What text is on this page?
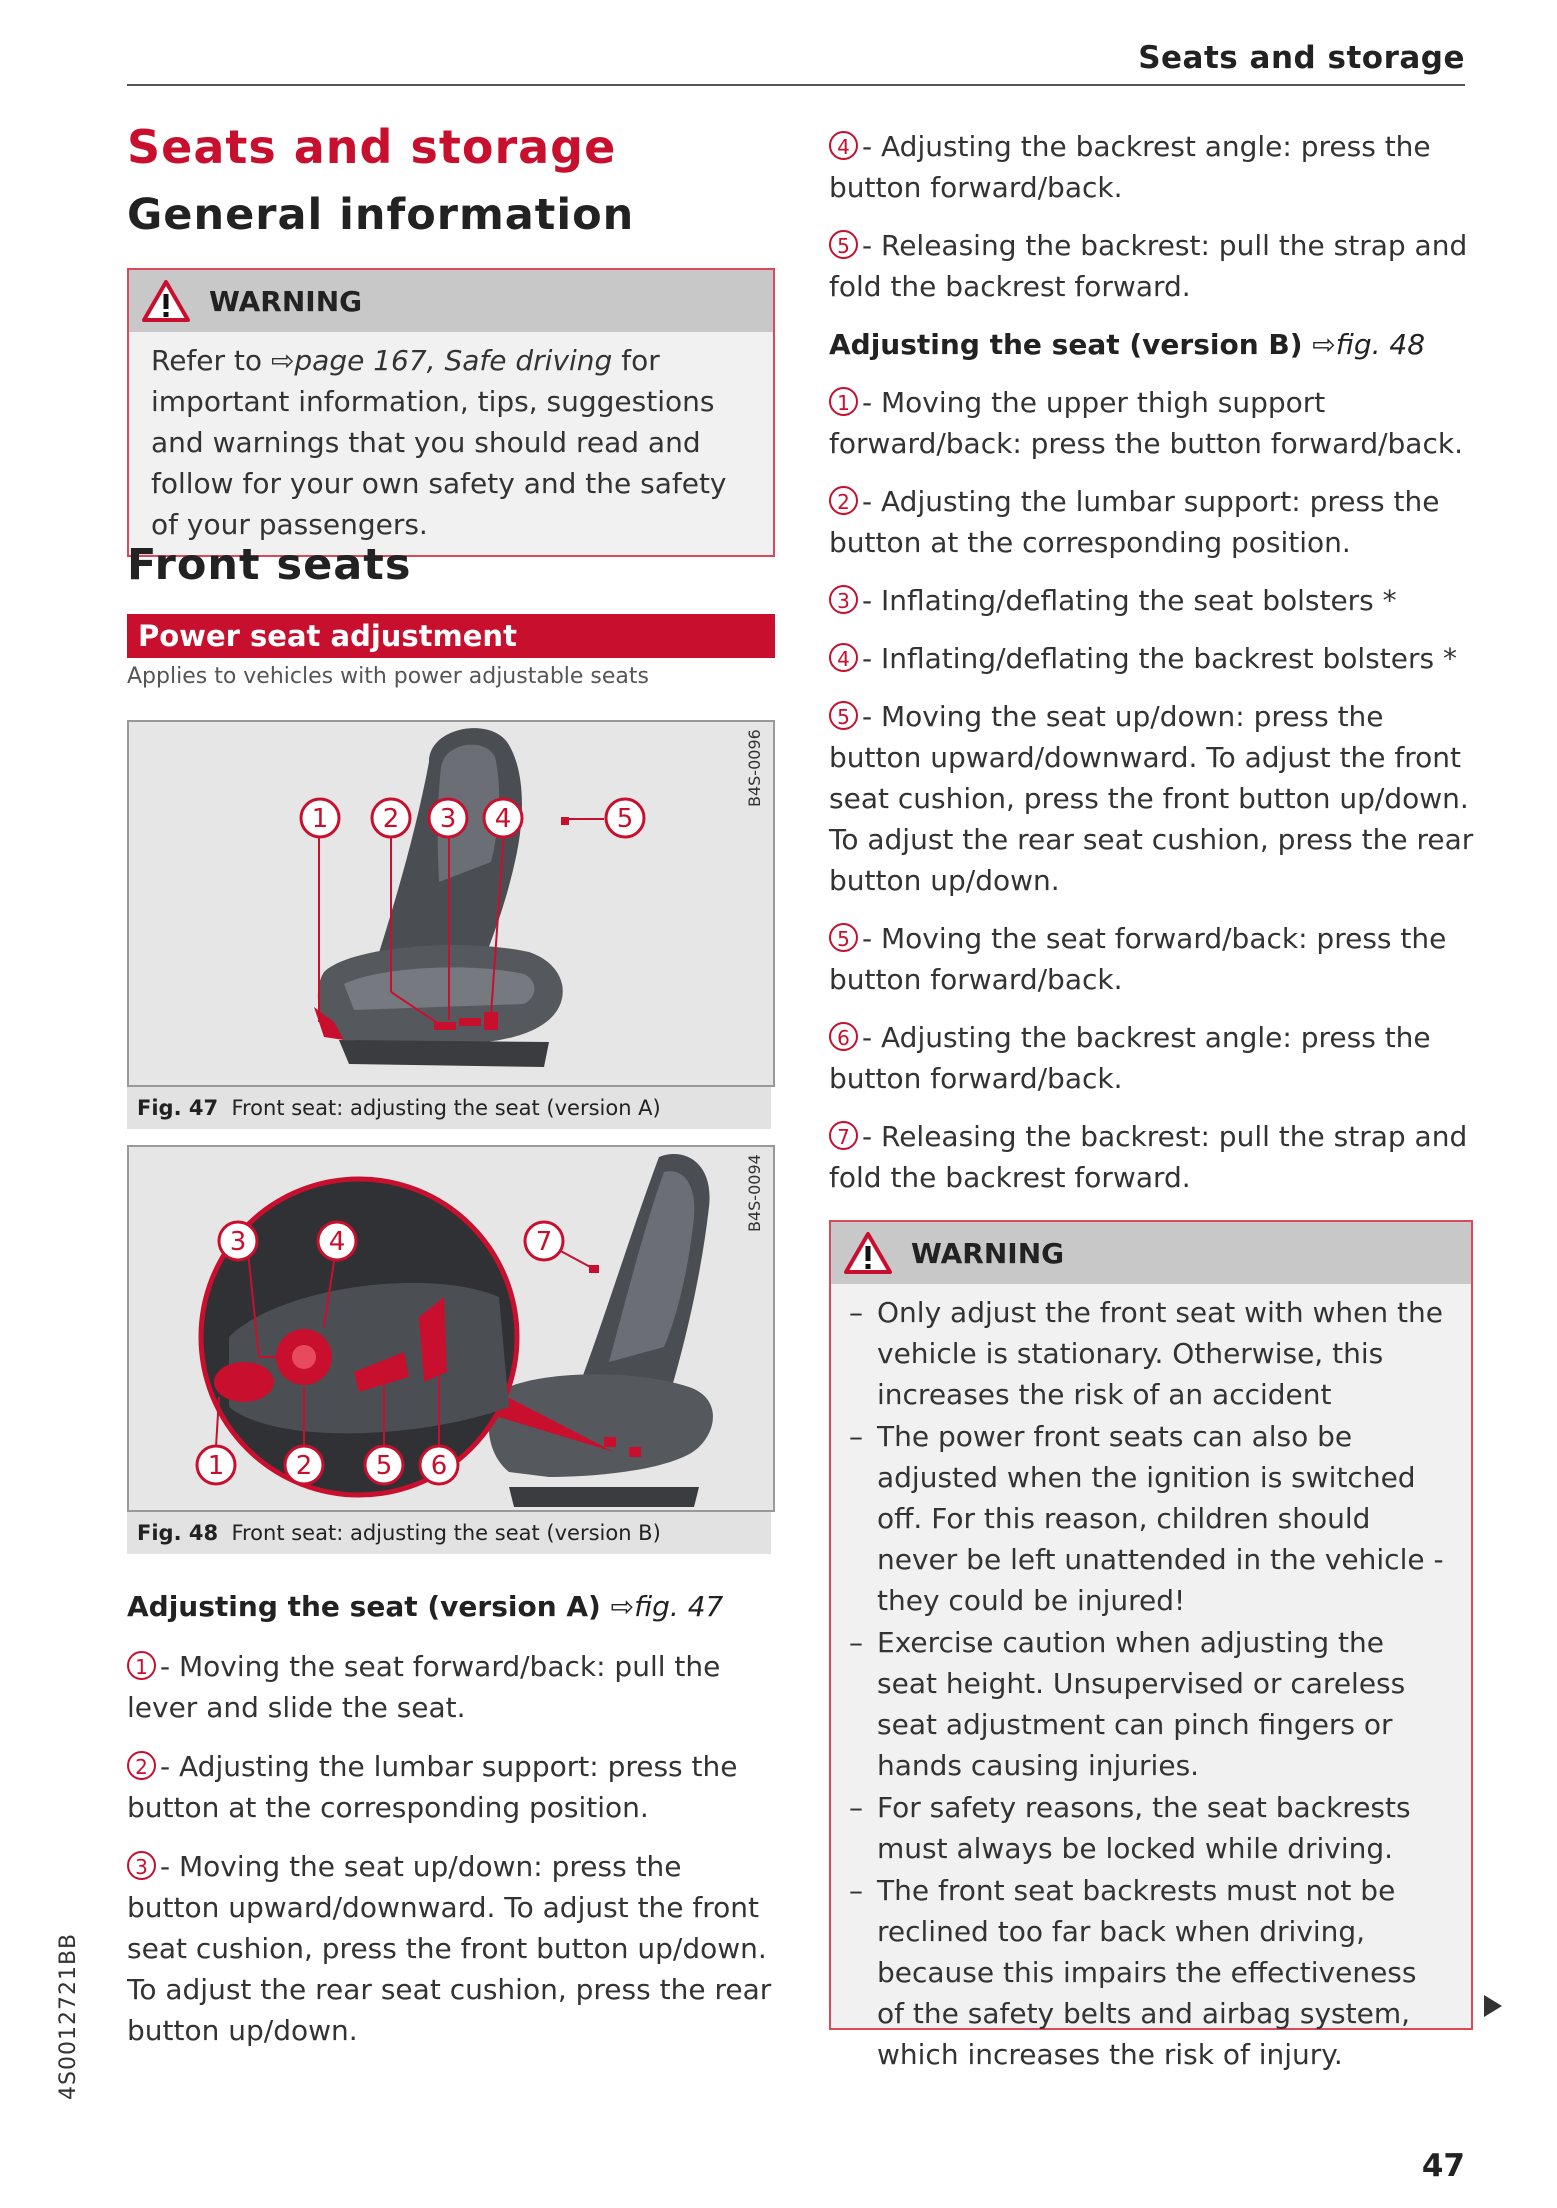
Seats and storage
Seats and storage
General information
WARNING
Refer to ⇨page 167, Safe driving for important information, tips, suggestions and warnings that you should read and follow for your own safety and the safety of your passengers.
Front seats
Power seat adjustment
Applies to vehicles with power adjustable seats
1 2 3 4	5
B4S-0096
Fig. 47 Front seat: adjusting the seat (version A)
3	4	7
1	2 5 6
B4S-0094
Fig. 48 Front seat: adjusting the seat (version B)
Adjusting the seat (version A) ⇨fig. 47
1 - Moving the seat forward/back: pull the lever and slide the seat.
2 - Adjusting the lumbar support: press the button at the corresponding position.
3 - Moving the seat up/down: press the button upward/downward. To adjust the front seat cushion, press the front button up/down. To adjust the rear seat cushion, press the rear button up/down.
4 - Adjusting the backrest angle: press the button forward/back.
5 - Releasing the backrest: pull the strap and fold the backrest forward.
Adjusting the seat (version B) ⇨fig. 48
1 - Moving the upper thigh support forward/back: press the button forward/back.
2 - Adjusting the lumbar support: press the button at the corresponding position.
3 - Inflating/deflating the seat bolsters *
4 - Inflating/deflating the backrest bolsters *
5 - Moving the seat up/down: press the button upward/downward. To adjust the front seat cushion, press the front button up/down. To adjust the rear seat cushion, press the rear button up/down.
5 - Moving the seat forward/back: press the button forward/back.
6 - Adjusting the backrest angle: press the button forward/back.
7 - Releasing the backrest: pull the strap and fold the backrest forward.
WARNING
– Only adjust the front seat with when the vehicle is stationary. Otherwise, this increases the risk of an accident
– The power front seats can also be adjusted when the ignition is switched off. For this reason, children should never be left unattended in the vehicle - they could be injured!
– Exercise caution when adjusting the seat height. Unsupervised or careless seat adjustment can pinch fingers or hands causing injuries.
– For safety reasons, the seat backrests must always be locked while driving.
– The front seat backrests must not be reclined too far back when driving, because this impairs the effectiveness of the safety belts and airbag system, which increases the risk of injury.
4S0012721BB
47
